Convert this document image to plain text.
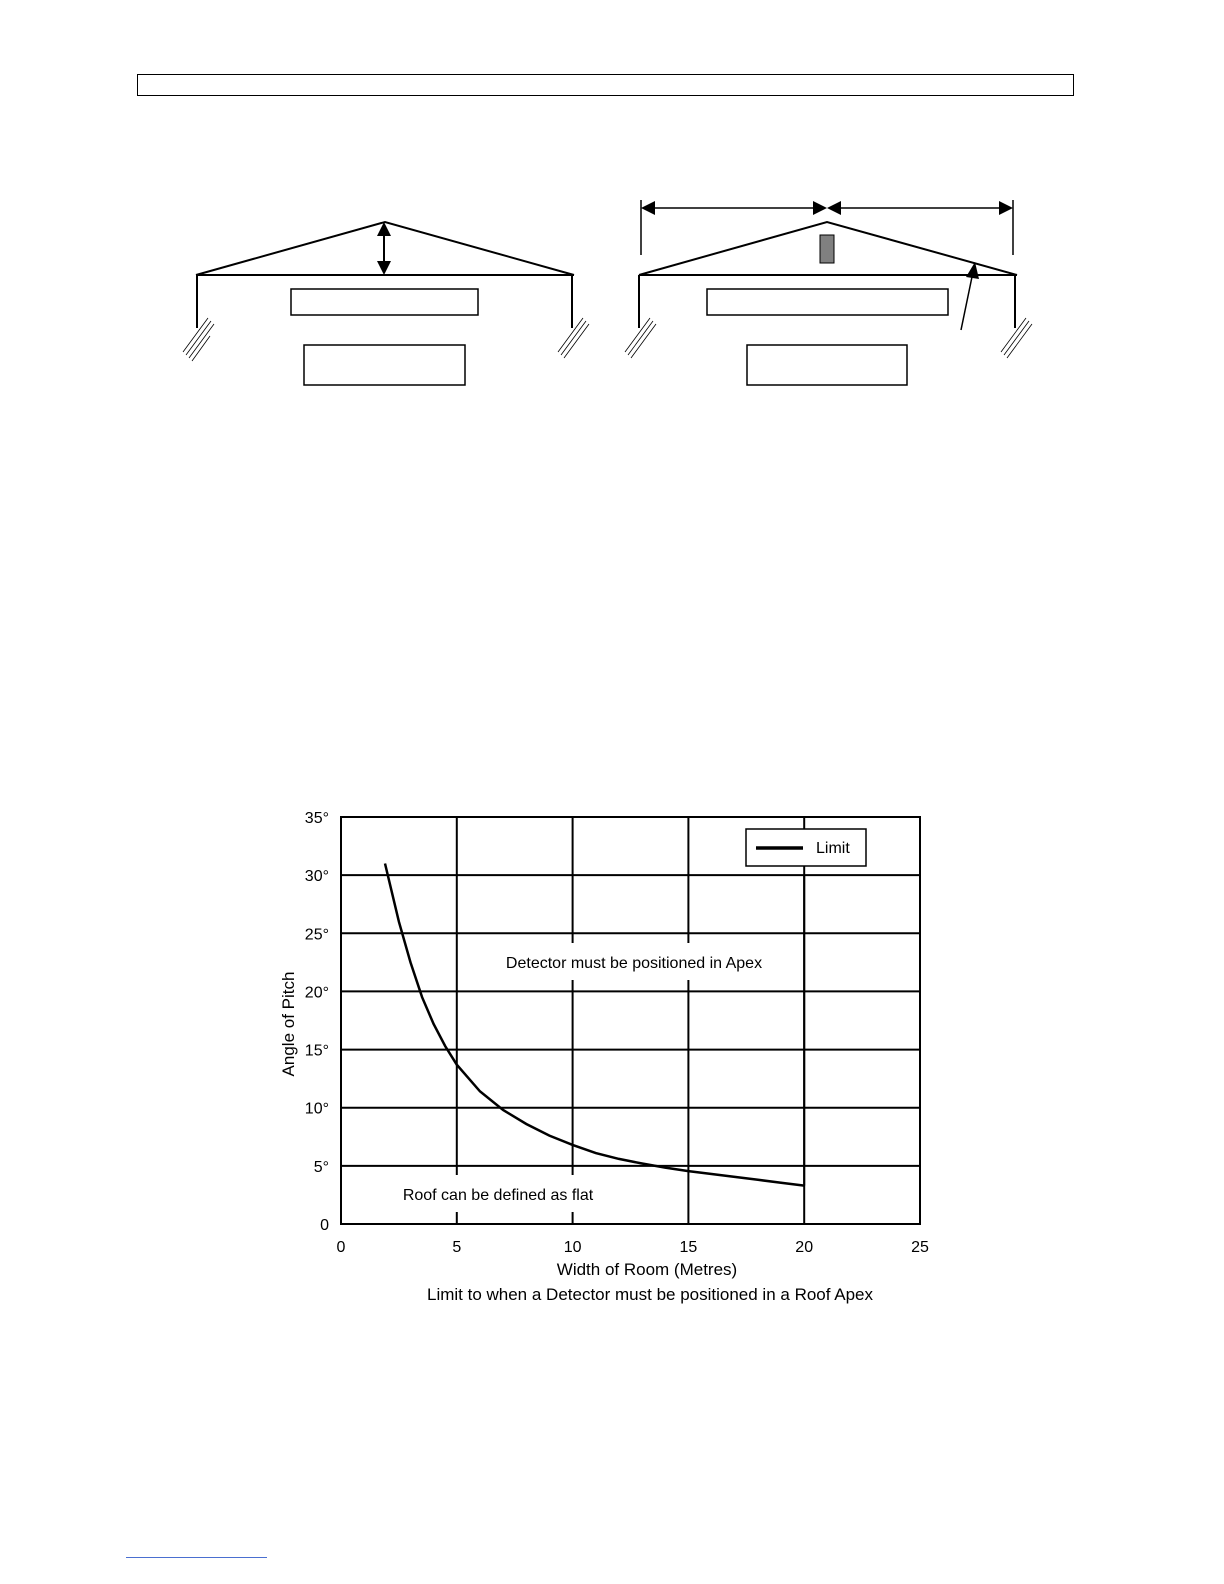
0	5	10	15	20	25
0
5°
10°
15°
20°
25°
30°
35°
Detector must be positioned in Apex
Roof can be defined as flat
Limit
Angle of Pitch
Width of Room (Metres)
Limit to when a Detector must be positioned in a Roof Apex
